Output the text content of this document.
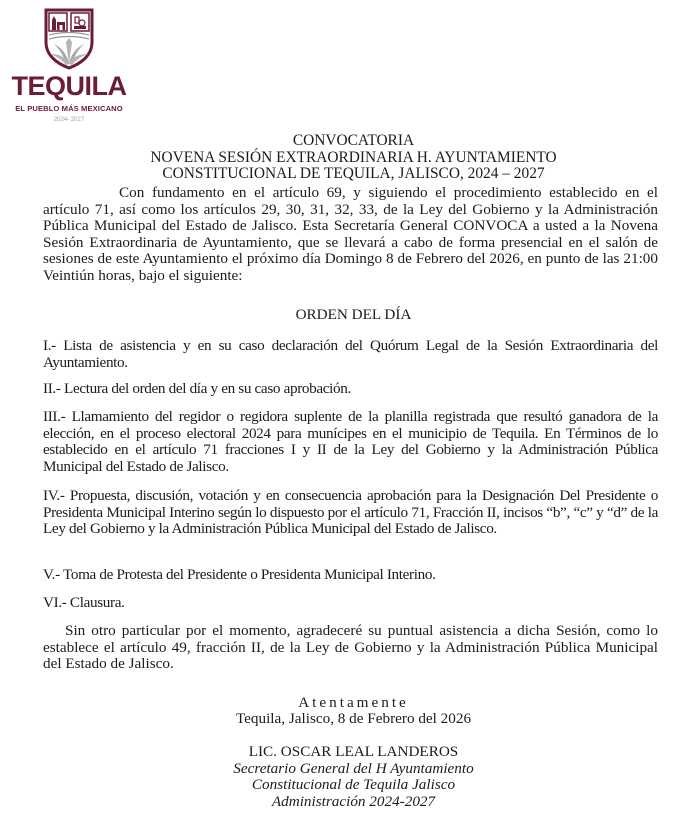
TEQUILA
EL PUEBLO MÁS MEXICANO
2024- 2027
CONVOCATORIA
NOVENA SESIÓN EXTRAORDINARIA H. AYUNTAMIENTO
CONSTITUCIONAL DE TEQUILA, JALISCO, 2024 – 2027

Con fundamento en el artículo 69, y siguiendo el procedimiento establecido en el artículo 71, así como los artículos 29, 30, 31, 32, 33, de la Ley del Gobierno y la Administración Pública Municipal del Estado de Jalisco. Esta Secretaría General CONVOCA a usted a la Novena Sesión Extraordinaria de Ayuntamiento, que se llevará a cabo de forma presencial en el salón de sesiones de este Ayuntamiento el próximo día Domingo 8 de Febrero del 2026, en punto de las 21:00 Veintiún horas, bajo el siguiente:

ORDEN DEL DÍA

I.- Lista de asistencia y en su caso declaración del Quórum Legal de la Sesión Extraordinaria del Ayuntamiento.

II.- Lectura del orden del día y en su caso aprobación.

III.- Llamamiento del regidor o regidora suplente de la planilla registrada que resultó ganadora de la elección, en el proceso electoral 2024 para munícipes en el municipio de Tequila. En Términos de lo establecido en el artículo 71 fracciones I y II de la Ley del Gobierno y la Administración Pública Municipal del Estado de Jalisco.

IV.- Propuesta, discusión, votación y en consecuencia aprobación para la Designación Del Presidente o Presidenta Municipal Interino según lo dispuesto por el artículo 71, Fracción II, incisos “b”, “c” y “d” de la Ley del Gobierno y la Administración Pública Municipal del Estado de Jalisco.

V.- Toma de Protesta del Presidente o Presidenta Municipal Interino.

VI.- Clausura.

Sin otro particular por el momento, agradeceré su puntual asistencia a dicha Sesión, como lo establece el artículo 49, fracción II, de la Ley de Gobierno y la Administración Pública Municipal del Estado de Jalisco.

Atentamente
Tequila, Jalisco, 8 de Febrero del 2026
LIC. OSCAR LEAL LANDEROS
Secretario General del H Ayuntamiento
Constitucional de Tequila Jalisco
Administración 2024-2027
